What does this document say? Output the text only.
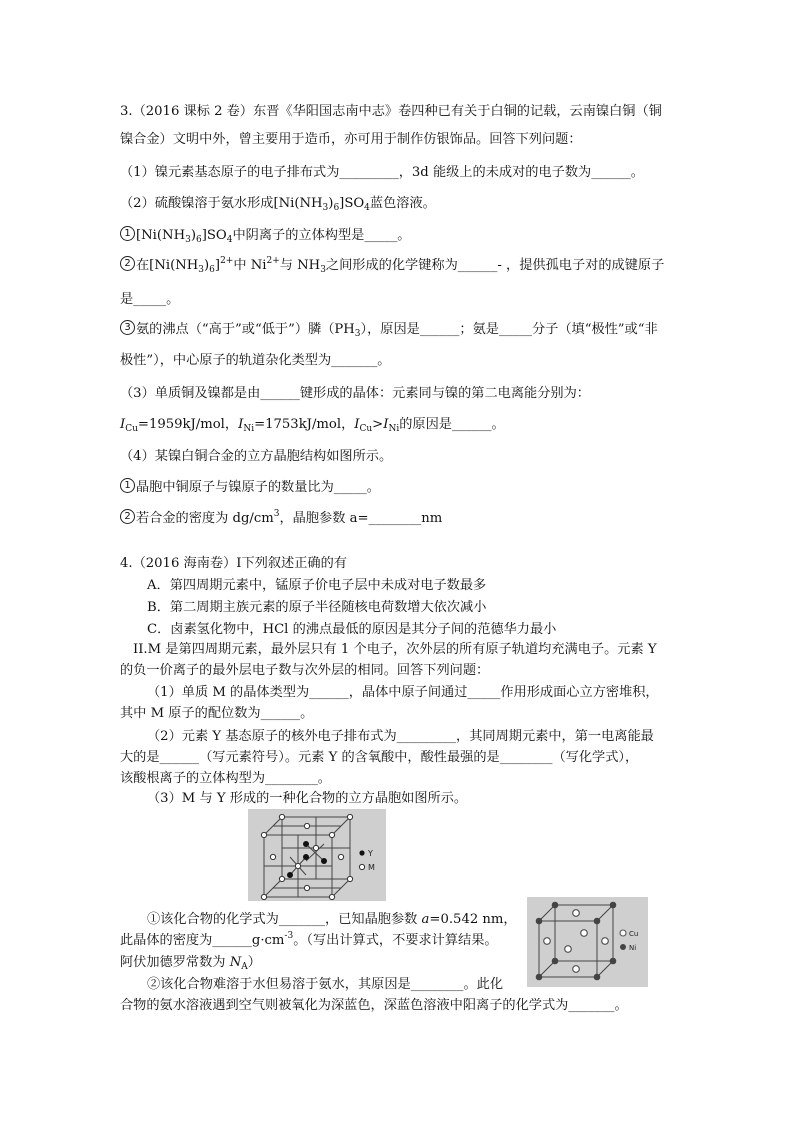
3.（2016 课标 2 卷）东晋《华阳国志南中志》卷四种已有关于白铜的记载，云南镍白铜（铜
镍合金）文明中外，曾主要用于造币，亦可用于制作仿银饰品。回答下列问题：
（1）镍元素基态原子的电子排布式为_________，3d 能级上的未成对的电子数为______。
（2）硫酸镍溶于氨水形成$[Ni(NH_3)_6]SO_4$蓝色溶液。
1 $[Ni(NH_3)_6]SO_4$中阴离子的立体构型是_____。
2 在$[Ni(NH_3)_6]^{2+}$中 $Ni^{2+}$与 $NH_3$之间形成的化学键称为______- ，提供孤电子对的成键原子
是_____。
3 氨的沸点（“高于”或“低于”）膦$(PH_3)$，原因是______；氨是_____分子（填“极性”或“非
极性”），中心原子的轨道杂化类型为_______。
（3）单质铜及镍都是由______键形成的晶体：元素同与镍的第二电离能分别为：
$I_{Cu}=1959kJ$/mol，$I_{Ni}=1753kJ$/mol，$I_{Cu}>I_{Ni}$的原因是______。
（4）某镍白铜合金的立方晶胞结构如图所示。
1 晶胞中铜原子与镍原子的数量比为_____。
2 若合金的密度为 $dg/cm^3$，晶胞参数 a=________nm
4.（2016 海南卷）Ⅰ下列叙述正确的有
A．第四周期元素中，锰原子价电子层中未成对电子数最多
B．第二周期主族元素的原子半径随核电荷数增大依次减小
C．卤素氢化物中，HCl 的沸点最低的原因是其分子间的范德华力最小
II.M 是第四周期元素，最外层只有 1 个电子，次外层的所有原子轨道均充满电子。元素 Y
的负一价离子的最外层电子数与次外层的相同。回答下列问题：
（1）单质 M 的晶体类型为______，晶体中原子间通过_____作用形成面心立方密堆积，
其中 M 原子的配位数为______。
（2）元素 Y 基态原子的核外电子排布式为_________，其同周期元素中，第一电离能最
大的是______（写元素符号）。元素 Y 的含氧酸中，酸性最强的是________（写化学式），
该酸根离子的立体构型为________。
（3）M 与 Y 形成的一种化合物的立方晶胞如图所示。
Y
M
Cu
Ni
①该化合物的化学式为_______，已知晶胞参数 a=0.542 nm，
此晶体的密度为$\_\_\_\_\_\_g\cdot cm^{-3}$。（写出计算式，不要求计算结果。
阿伏加德罗常数为 $N_A$）
②该化合物难溶于水但易溶于氨水，其原因是________。此化
合物的氨水溶液遇到空气则被氧化为深蓝色，深蓝色溶液中阳离子的化学式为_______。
